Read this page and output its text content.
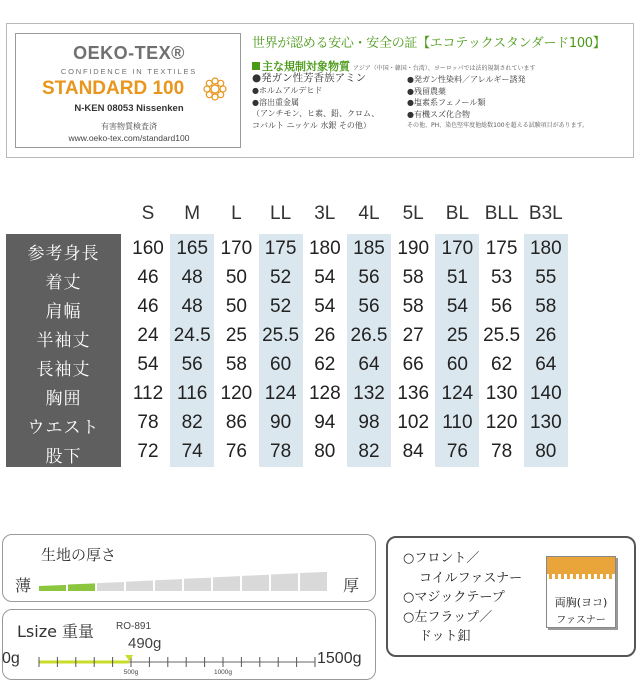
OEKO-TEX®
CONFIDENCE IN TEXTILES
STANDARD 100
N-KEN 08053 Nissenken
有害物質検査済
www.oeko-tex.com/standard100
世界が認める安心・安全の証【エコテックスタンダード100】
主な規制対象物質 アジア（中国・韓国・台湾）、ヨーロッパでは法的規制されています
●発ガン性芳香族アミン
●ホルムアルデヒド
●溶出重金属
（アンチモン、ヒ素、鉛、クロム、
コバルト ニッケル 水銀 その他）
●発ガン性染料／アレルギー誘発
●残留農薬
●塩素系フェノール類
●有機スズ化合物
その他、PH、染色堅牢度他総数100を超える試験項目があります。
S	M	L	LL	3L	4L	5L	BL BLL B3L
参考身長	160 165 170 175 180 185 190 170 175 180
着丈	46	48	50	52	54	56	58	51	53	55
肩幅	46	48	50	52	54	56	58	54	56	58
半袖丈	24 24.5 25 25.5 26 26.5 27	25 25.5 26
長袖丈	54	56	58	60	62	64	66	60	62	64
胸囲	112 116 120 124 128 132 136 124 130 140
ウエスト	78	82	86	90	94	98 102 110 120 130
股下	72	74	76	78	80	82	84	76	78	80
生地の厚さ
薄	厚
Lsize 重量 RO-891
490g
500g	1000g
0g	1500g
○フロント／
コイルファスナー
○マジックテープ
○左フラップ／
ドット釦
両胸(ヨコ)
ファスナー
